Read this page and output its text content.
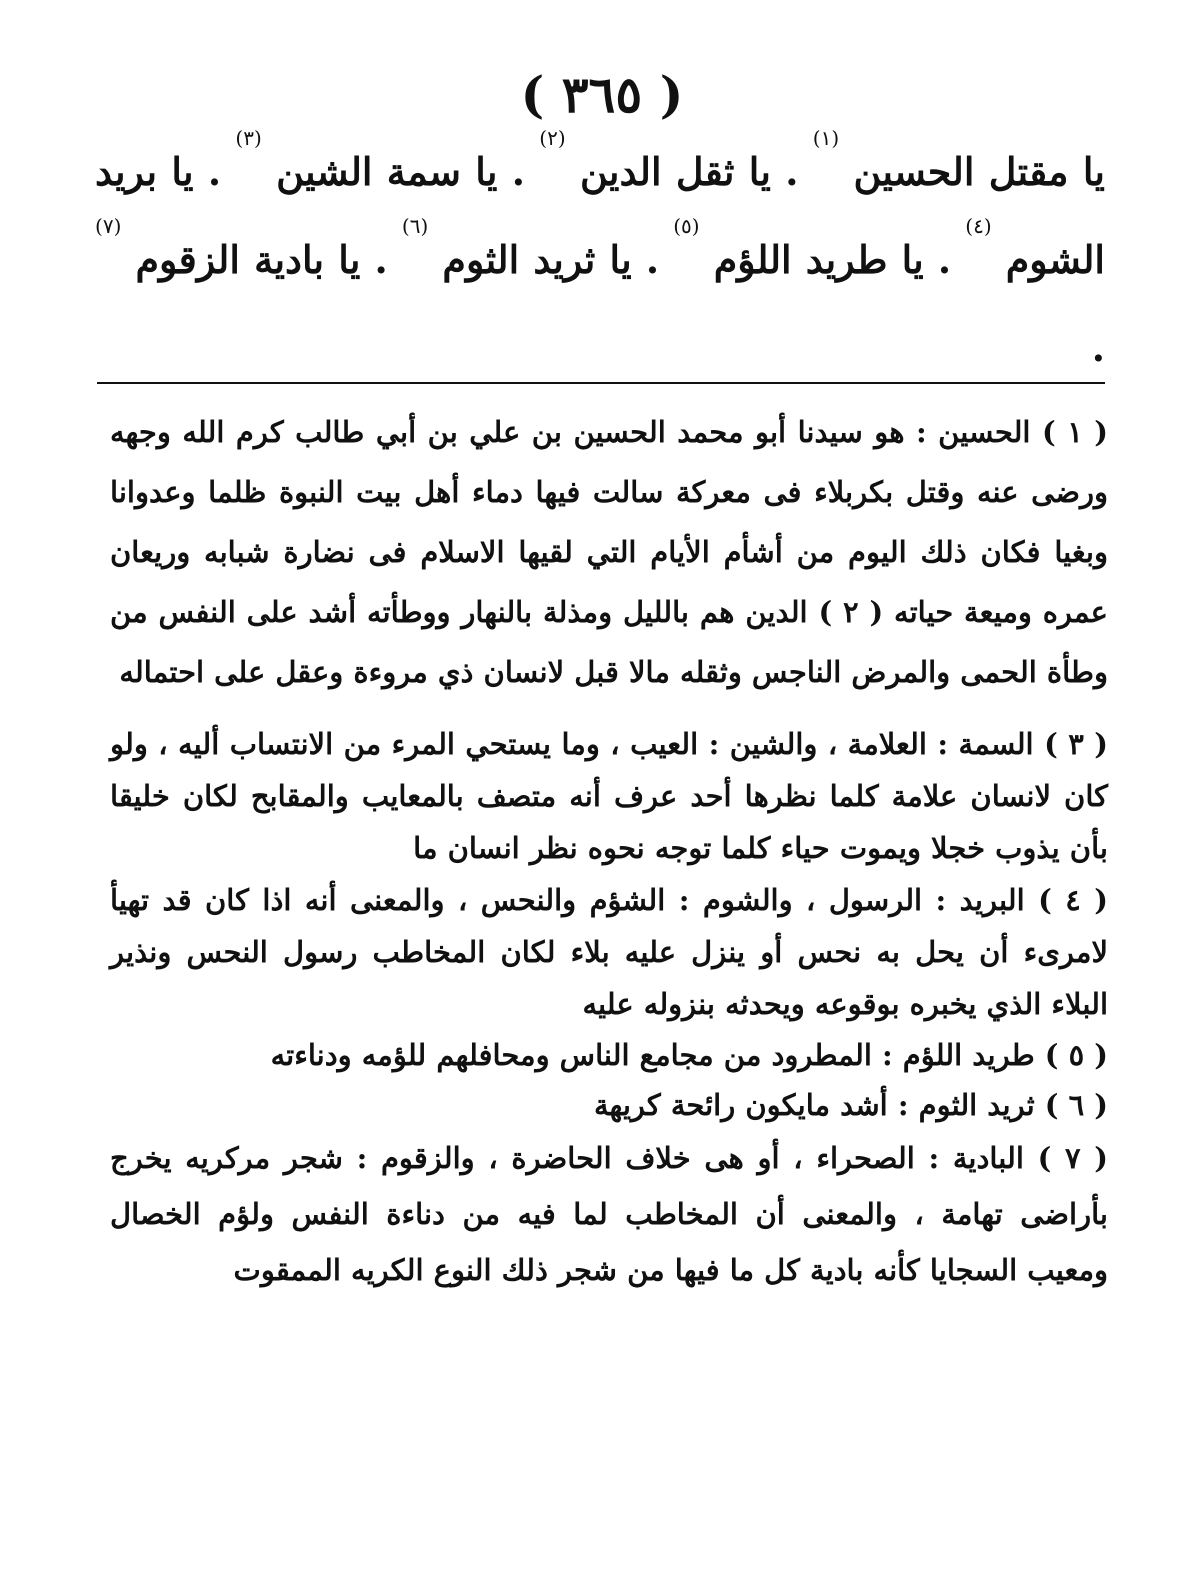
( ٣٦٥ )
يا مقتل الحسين $^{(١)}$ . يا ثقل الدين $^{(٢)}$ . يا سمة الشين $^{(٣)}$ . يا بريد الشوم $^{(٤)}$ . يا طريد اللؤم $^{(٥)}$ . يا ثريد الثوم $^{(٦)}$ . يا بادية الزقوم $^{(٧)}$ .

( ١ ) الحسين : هو سيدنا أبو محمد الحسين بن علي بن أبي طالب كرم الله وجهه ورضى عنه وقتل بكربلاء فى معركة سالت فيها دماء أهل بيت النبوة ظلما وعدوانا وبغيا فكان ذلك اليوم من أشأم الأيام التي لقيها الاسلام فى نضارة شبابه وريعان عمره وميعة حياته ( ٢ ) الدين هم بالليل ومذلة بالنهار ووطأته أشد على النفس من وطأة الحمى والمرض الناجس وثقله مالا قبل لانسان ذي مروءة وعقل على احتماله

( ٣ ) السمة : العلامة ، والشين : العيب ، وما يستحي المرء من الانتساب أليه ، ولو كان لانسان علامة كلما نظرها أحد عرف أنه متصف بالمعايب والمقابح لكان خليقا بأن يذوب خجلا ويموت حياء كلما توجه نحوه نظر انسان ما

( ٤ ) البريد : الرسول ، والشوم : الشؤم والنحس ، والمعنى أنه اذا كان قد تهيأ لامرىء أن يحل به نحس أو ينزل عليه بلاء لكان المخاطب رسول النحس ونذير البلاء الذي يخبره بوقوعه ويحدثه بنزوله عليه

( ٥ ) طريد اللؤم : المطرود من مجامع الناس ومحافلهم للؤمه ودناءته

( ٦ ) ثريد الثوم : أشد مايكون رائحة كريهة

( ٧ ) البادية : الصحراء ، أو هى خلاف الحاضرة ، والزقوم : شجر مركريه يخرج بأراضى تهامة ، والمعنى أن المخاطب لما فيه من دناءة النفس ولؤم الخصال ومعيب السجايا كأنه بادية كل ما فيها من شجر ذلك النوع الكريه الممقوت
